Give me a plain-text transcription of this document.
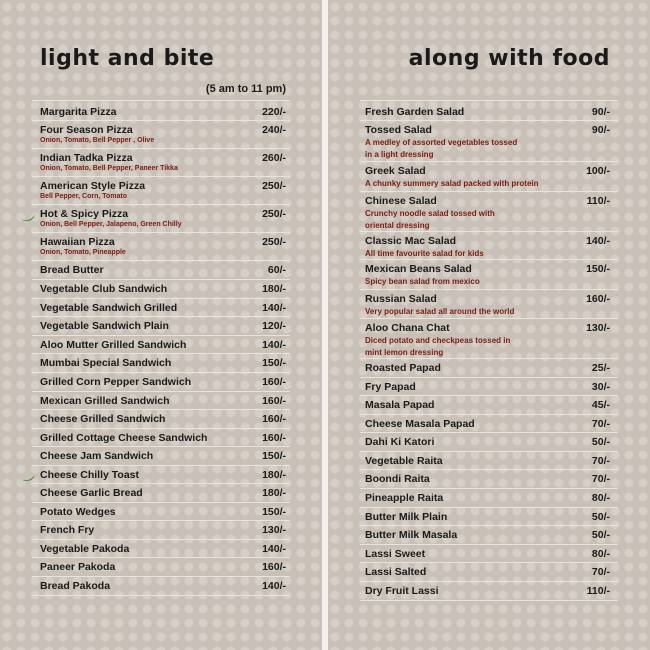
light and bite
(5 am to 11 pm)
Margarita Pizza	220/-
Four Season Pizza	240/-
Onion, Tomato, Bell Pepper , Olive
Indian Tadka Pizza	260/-
Onion, Tomato, Bell Pepper, Paneer Tikka
American Style Pizza	250/-
Bell Pepper, Corn, Tomato
Hot & Spicy Pizza	250/-
Onion, Bell Pepper, Jalapeno, Green Chilly
Hawaiian Pizza	250/-
Onion, Tomato, Pineapple
Bread Butter	60/-
Vegetable Club Sandwich	180/-
Vegetable Sandwich Grilled	140/-
Vegetable Sandwich Plain	120/-
Aloo Mutter Grilled Sandwich	140/-
Mumbai Special Sandwich	150/-
Grilled Corn Pepper Sandwich	160/-
Mexican Grilled Sandwich	160/-
Cheese Grilled Sandwich	160/-
Grilled Cottage Cheese Sandwich	160/-
Cheese Jam Sandwich	150/-
Cheese Chilly Toast	180/-
Cheese Garlic Bread	180/-
Potato Wedges	150/-
French Fry	130/-
Vegetable Pakoda	140/-
Paneer Pakoda	160/-
Bread Pakoda	140/-
along with food
Fresh Garden Salad	90/-
Tossed Salad	90/-
A medley of assorted vegetables tossed
in a light dressing
Greek Salad	100/-
A chunky summery salad packed with protein
Chinese Salad	110/-
Crunchy noodle salad tossed with
oriental dressing
Classic Mac Salad	140/-
All time favourite salad for kids
Mexican Beans Salad	150/-
Spicy bean salad from mexico
Russian Salad	160/-
Very popular salad all around the world
Aloo Chana Chat	130/-
Diced potato and checkpeas tossed in
mint lemon dressing
Roasted Papad	25/-
Fry Papad	30/-
Masala Papad	45/-
Cheese Masala Papad	70/-
Dahi Ki Katori	50/-
Vegetable Raita	70/-
Boondi Raita	70/-
Pineapple Raita	80/-
Butter Milk Plain	50/-
Butter Milk Masala	50/-
Lassi Sweet	80/-
Lassi Salted	70/-
Dry Fruit Lassi	110/-
